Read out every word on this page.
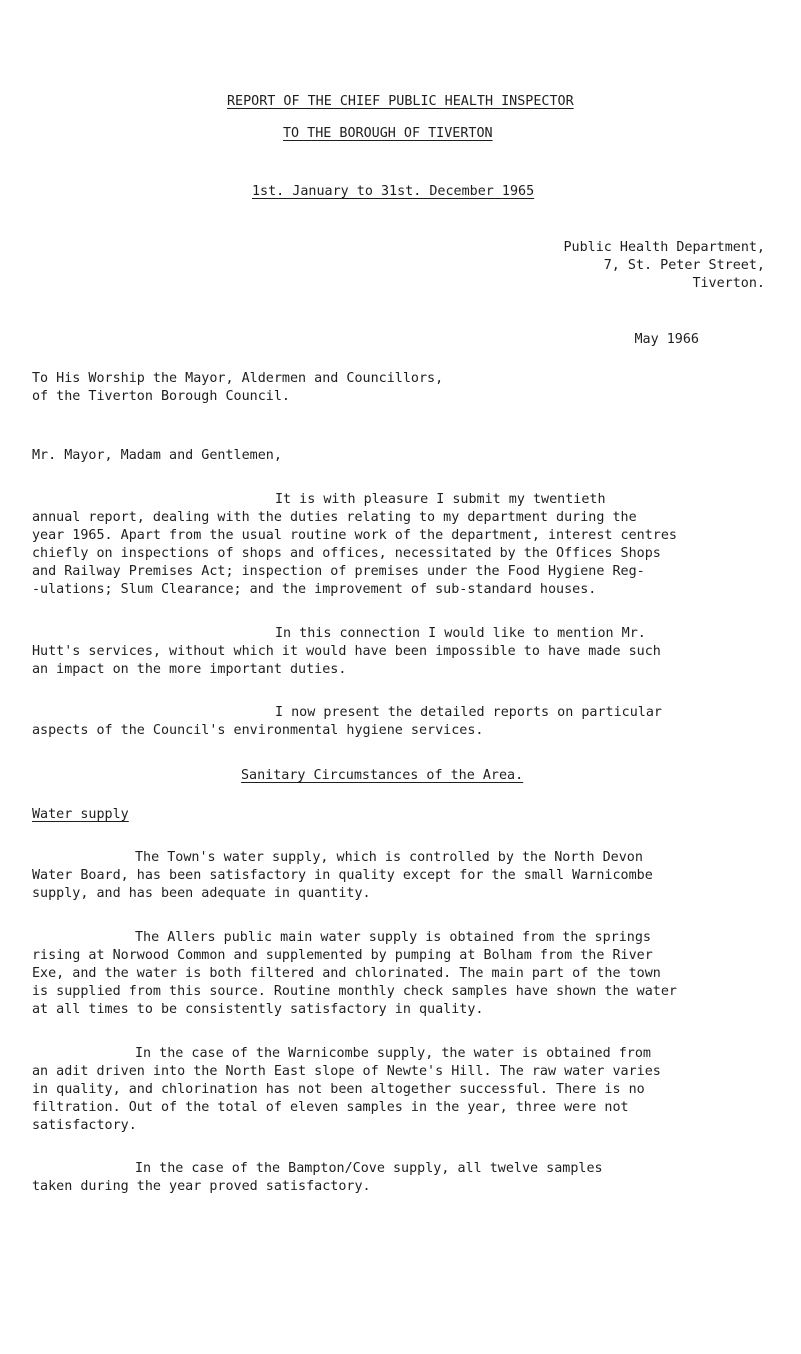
REPORT OF THE CHIEF PUBLIC HEALTH INSPECTOR
TO THE BOROUGH OF TIVERTON
1st. January to 31st. December 1965
Public Health Department,
7, St. Peter Street,
Tiverton.
May 1966
To His Worship the Mayor, Aldermen and Councillors,
of the Tiverton Borough Council.
Mr. Mayor, Madam and Gentlemen,
It is with pleasure I submit my twentieth
annual report, dealing with the duties relating to my department during the
year 1965. Apart from the usual routine work of the department, interest centres
chiefly on inspections of shops and offices, necessitated by the Offices Shops
and Railway Premises Act; inspection of premises under the Food Hygiene Reg-
-ulations; Slum Clearance; and the improvement of sub-standard houses.
In this connection I would like to mention Mr.
Hutt's services, without which it would have been impossible to have made such
an impact on the more important duties.
I now present the detailed reports on particular
aspects of the Council's environmental hygiene services.
Sanitary Circumstances of the Area.
Water supply
The Town's water supply, which is controlled by the North Devon
Water Board, has been satisfactory in quality except for the small Warnicombe
supply, and has been adequate in quantity.
The Allers public main water supply is obtained from the springs
rising at Norwood Common and supplemented by pumping at Bolham from the River
Exe, and the water is both filtered and chlorinated. The main part of the town
is supplied from this source. Routine monthly check samples have shown the water
at all times to be consistently satisfactory in quality.
In the case of the Warnicombe supply, the water is obtained from
an adit driven into the North East slope of Newte's Hill. The raw water varies
in quality, and chlorination has not been altogether successful. There is no
filtration. Out of the total of eleven samples in the year, three were not
satisfactory.
In the case of the Bampton/Cove supply, all twelve samples
taken during the year proved satisfactory.
